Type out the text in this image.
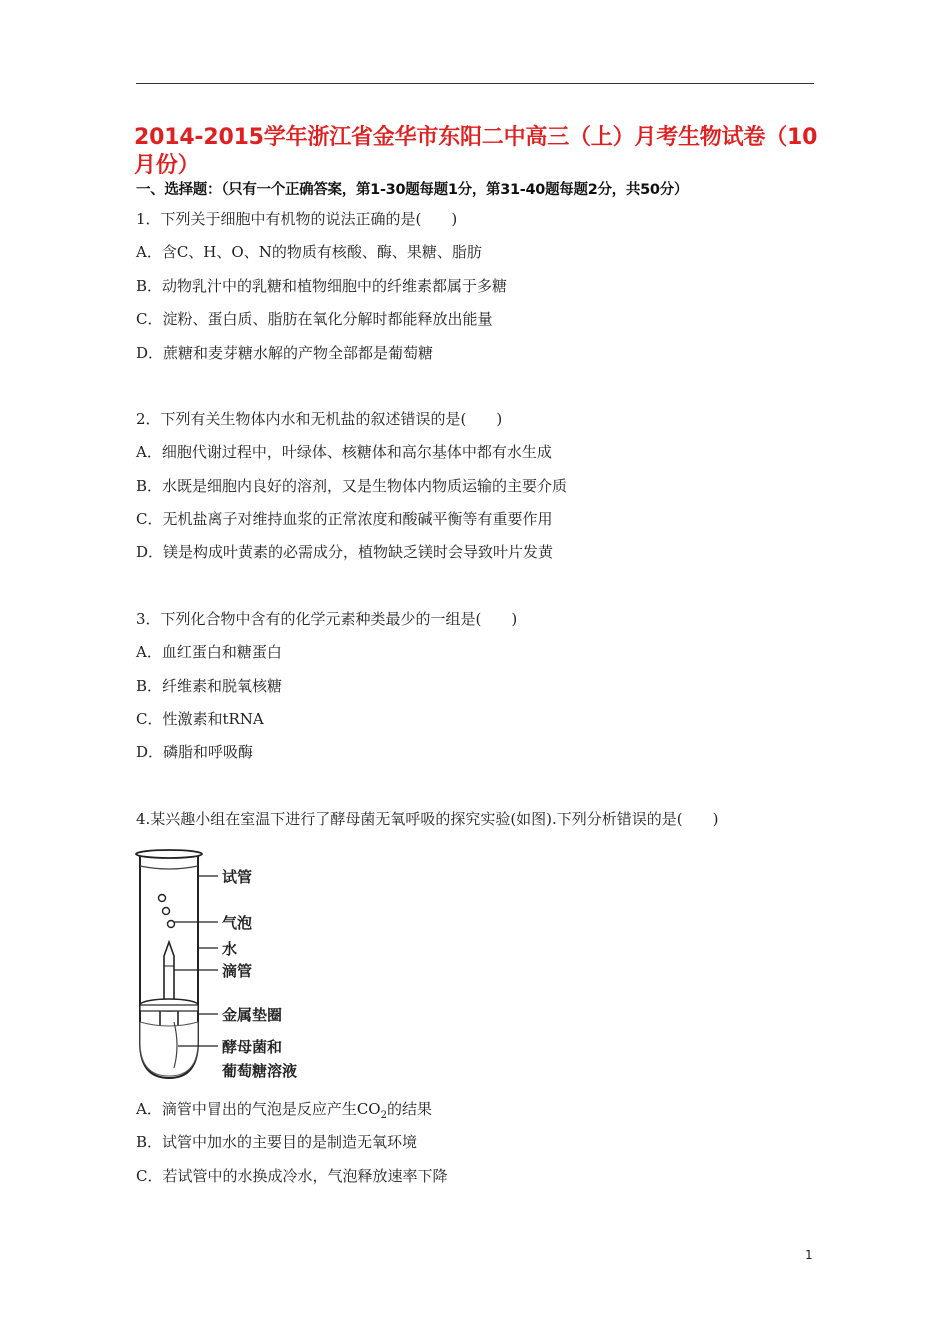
2014-2015学年浙江省金华市东阳二中高三（上）月考生物试卷（10月份）
一、选择题：（只有一个正确答案，第1-30题每题1分，第31-40题每题2分，共50分）
1．下列关于细胞中有机物的说法正确的是(　　)
A．含C、H、O、N的物质有核酸、酶、果糖、脂肪
B．动物乳汁中的乳糖和植物细胞中的纤维素都属于多糖
C．淀粉、蛋白质、脂肪在氧化分解时都能释放出能量
D．蔗糖和麦芽糖水解的产物全部都是葡萄糖
2．下列有关生物体内水和无机盐的叙述错误的是(　　)
A．细胞代谢过程中，叶绿体、核糖体和高尔基体中都有水生成
B．水既是细胞内良好的溶剂，又是生物体内物质运输的主要介质
C．无机盐离子对维持血浆的正常浓度和酸碱平衡等有重要作用
D．镁是构成叶黄素的必需成分，植物缺乏镁时会导致叶片发黄
3．下列化合物中含有的化学元素种类最少的一组是(　　)
A．血红蛋白和糖蛋白
B．纤维素和脱氧核糖
C．性激素和tRNA
D．磷脂和呼吸酶
4.某兴趣小组在室温下进行了酵母菌无氧呼吸的探究实验(如图).下列分析错误的是(　　)
试管
气泡
水
滴管
金属垫圈
酵母菌和
葡萄糖溶液
A．滴管中冒出的气泡是反应产生$CO_2$的结果
B．试管中加水的主要目的是制造无氧环境
C．若试管中的水换成冷水，气泡释放速率下降
1
